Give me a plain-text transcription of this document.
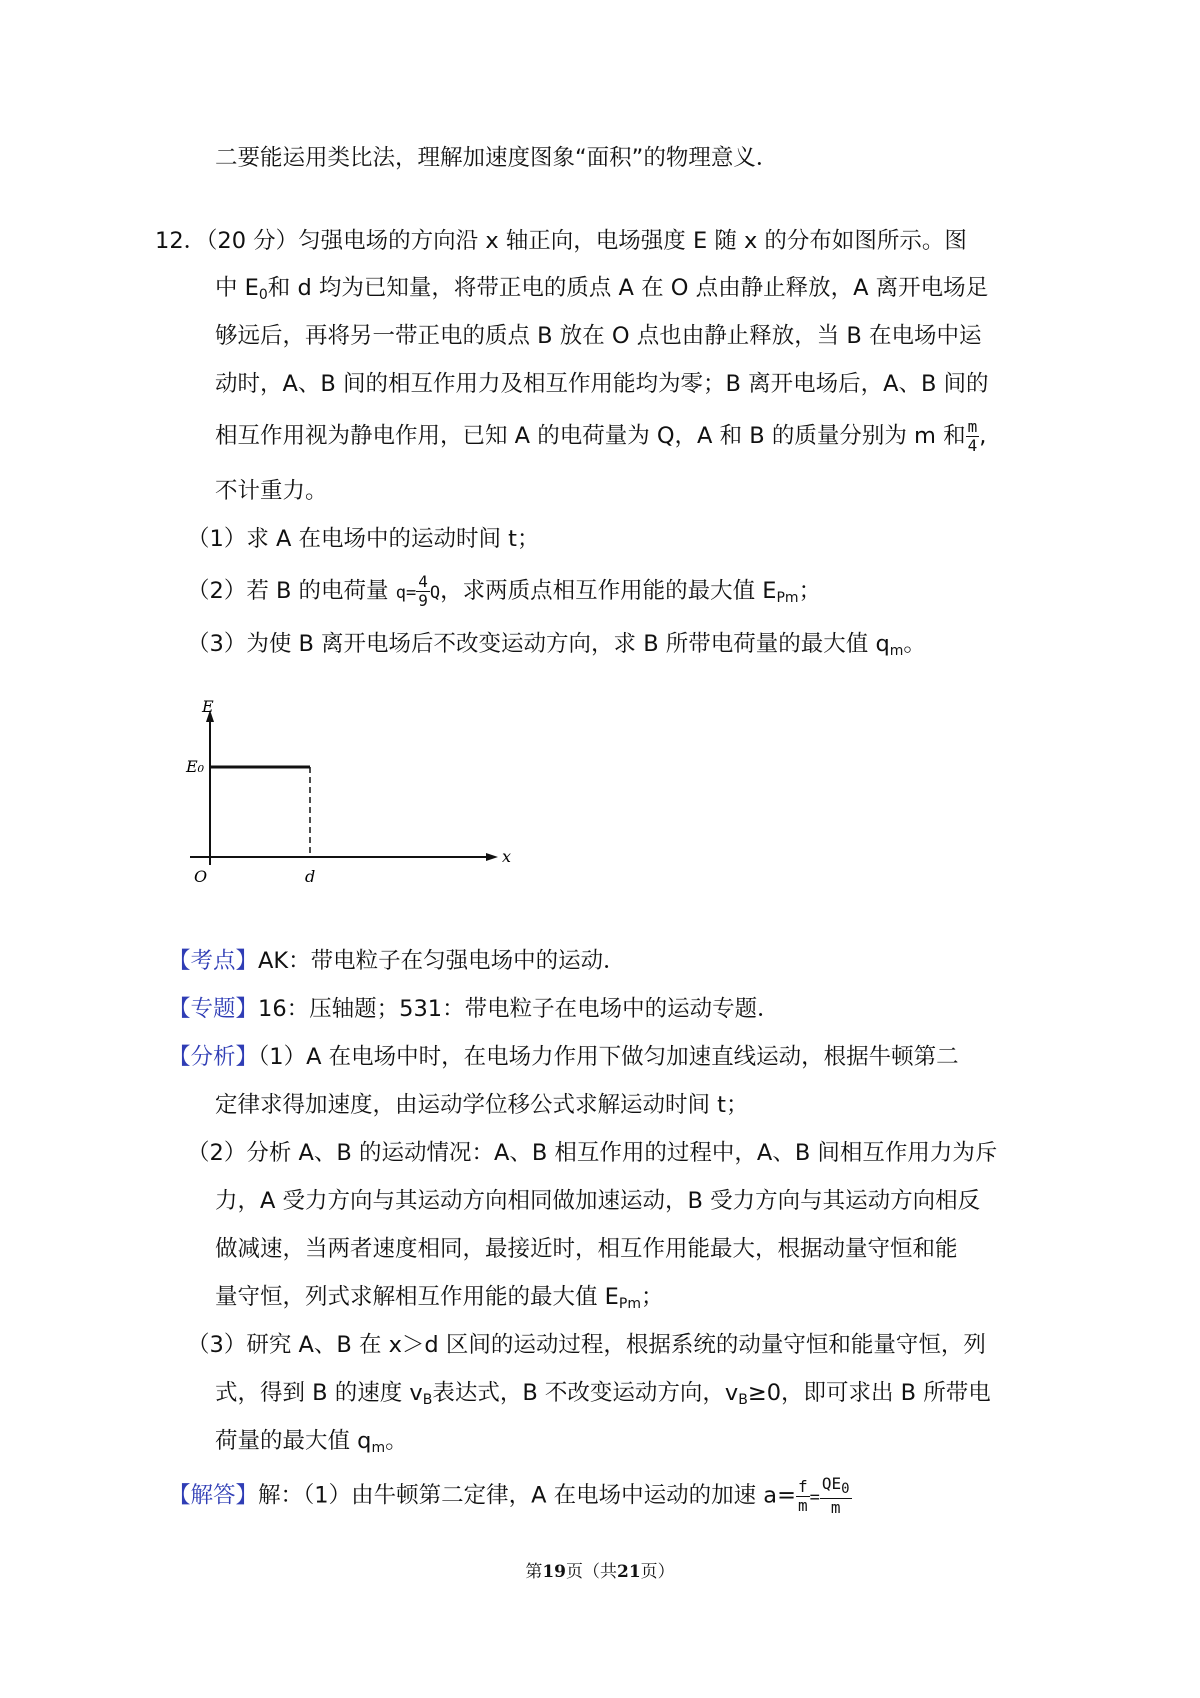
二要能运用类比法，理解加速度图象“面积”的物理意义．
12．（20 分）匀强电场的方向沿 x 轴正向，电场强度 E 随 x 的分布如图所示。图
中 $E_0$和 d 均为已知量，将带正电的质点 A 在 O 点由静止释放，A 离开电场足
够远后，再将另一带正电的质点 B 放在 O 点也由静止释放，当 B 在电场中运
动时，A、B 间的相互作用力及相互作用能均为零；B 离开电场后，A、B 间的
相互作用视为静电作用，已知 A 的电荷量为 Q，A 和 B 的质量分别为 m 和 $\frac{m}{4}$ ,
不计重力。
（1）求 A 在电场中的运动时间 t；
（2）若 B 的电荷量 $q= \frac{4}{9}$ Q，求两质点相互作用能的最大值 $E_{Pm}$；
（3）为使 B 离开电场后不改变运动方向，求 B 所带电荷量的最大值 $q_m$。
E
E₀
O	d
x
【考点】AK：带电粒子在匀强电场中的运动．
【专题】16：压轴题；531：带电粒子在电场中的运动专题．
【分析】（1）A 在电场中时，在电场力作用下做匀加速直线运动，根据牛顿第二
定律求得加速度，由运动学位移公式求解运动时间 t；
（2）分析 A、B 的运动情况：A、B 相互作用的过程中，A、B 间相互作用力为斥
力，A 受力方向与其运动方向相同做加速运动，B 受力方向与其运动方向相反
做减速，当两者速度相同，最接近时，相互作用能最大，根据动量守恒和能
量守恒，列式求解相互作用能的最大值 $E_{Pm}$；
（3）研究 A、B 在 x＞d 区间的运动过程，根据系统的动量守恒和能量守恒，列
式，得到 B 的速度 $v_B$表达式，B 不改变运动方向，$v_B\ge 0$，即可求出 B 所带电
荷量的最大值 $q_m$。
【解答】解：（1）由牛顿第二定律，A 在电场中运动的加速 $a= \frac{f}{m} = \frac{QE0}{m}$
第19页（共21页）
